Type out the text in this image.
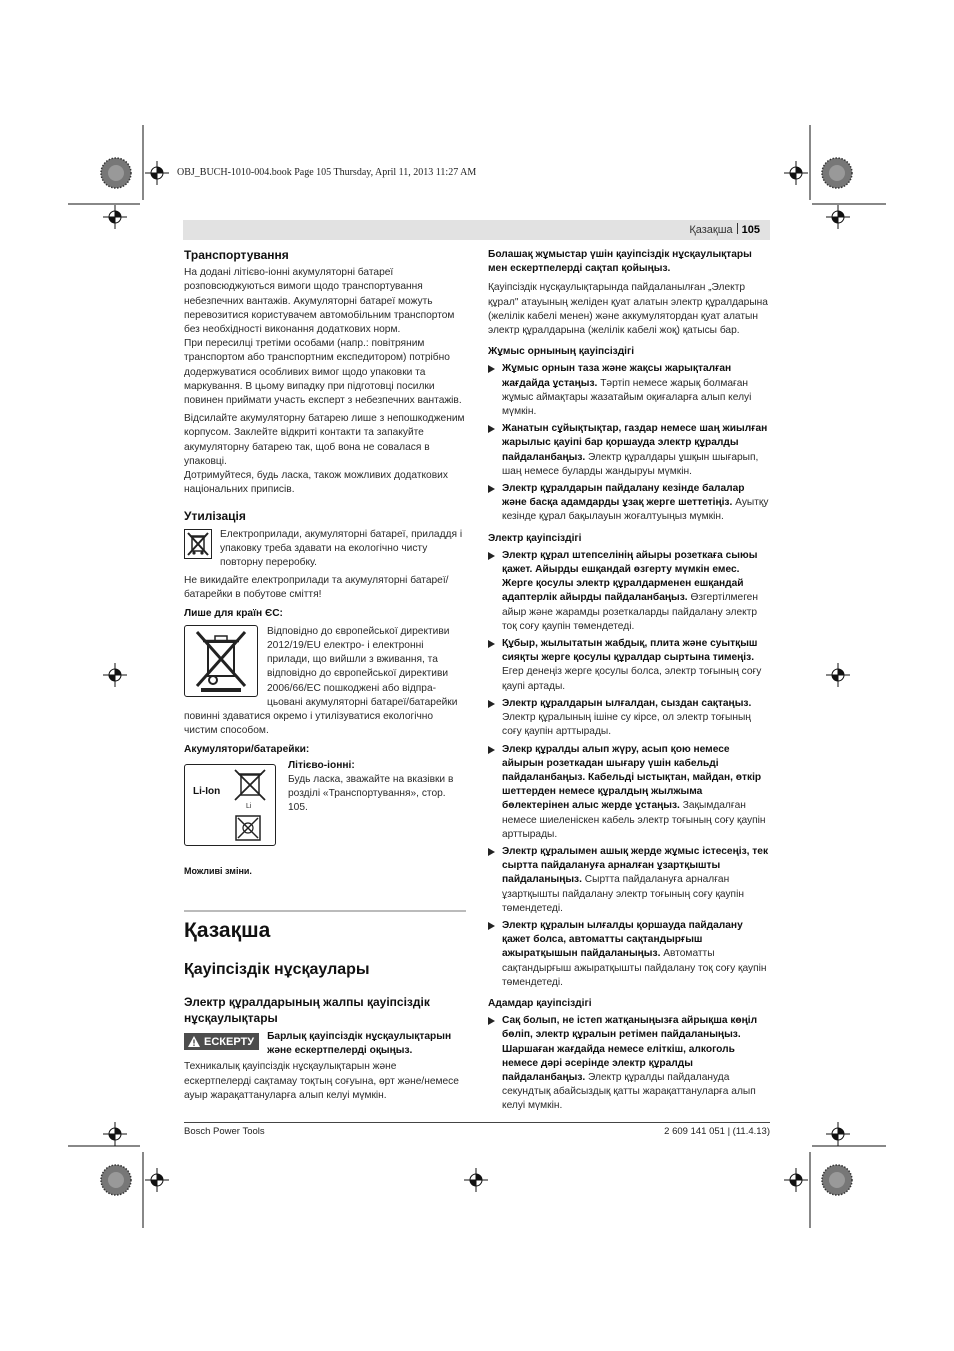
OBJ_BUCH-1010-004.book Page 105 Thursday, April 11, 2013 11:27 AM
Қазақша 105

Транспортування

На додані літієво-іонні акумуляторні батареї розповсюджуються вимоги щодо транспортування небезпечних вантажів. Акумуляторні батареї можуть перевозитися користувачем автомобільним транспортом без необхідності виконання додаткових норм.

При пересилці третіми особами (напр.: повітряним транспортом або транспортним експедитором) потрібно додержуватися особливих вимог щодо упаковки та маркування. В цьому випадку при підготовці посилки повинен приймати участь експерт з небезпечних вантажів.

Відсилайте акумуляторну батарею лише з непошкодженим корпусом. Заклейте відкриті контакти та запакуйте акумуляторну батарею так, щоб вона не совалася в упаковці.

Дотримуйтеся, будь ласка, також можливих додаткових національних приписів.

Утилізація

Електроприлади, акумуляторні батареї, приладдя і упаковку треба здавати на екологічно чисту повторну переробку.

Не викидайте електроприлади та акумуляторні батареї/ батарейки в побутове сміття!

Лише для країн ЄС:

Відповідно до європейської директиви 2012/19/EU електро- і електронні прилади, що вийшли з вживання, та відповідно до європейської директиви 2006/66/EC пошкоджені або відпра-цьовані акумуляторні батареї/батарейки

повинні здаватися окремо і утилізуватися екологічно чистим способом.

Акумулятори/батарейки:

Li-Ion
Li

Літієво-іонні:

Будь ласка, зважайте на вказівки в розділі «Транспортування», стор. 105.

Можливі зміни.

Қазақша

Қауіпсіздік нұсқаулары

Электр құралдарының жалпы қауіпсіздік нұсқаулықтары

ЕСКЕРТУ Барлық қауіпсіздік нұсқаулықтарын және ескертпелерді оқыңыз.

Техникалық қауіпсіздік нұсқаулықтарын және ескертпелерді сақтамау тоқтың соғуына, өрт және/немесе ауыр жарақаттануларға алып келуі мүмкін.

Болашақ жұмыстар үшін қауіпсіздік нұсқаулықтары мен ескертпелерді сақтап қойыңыз.

Қауіпсіздік нұсқаулықтарында пайдаланылған „Электр құрал" атауының желіден қуат алатын электр құралдарына (желілік кабелі менен) және аккумулятордан қуат алатын электр құралдарына (желілік кабелі жоқ) қатысы бар.

Жұмыс орнының қауіпсіздігі

Жұмыс орнын таза және жақсы жарықталған жағдайда ұстаңыз. Тәртіп немесе жарық болмаған жұмыс аймақтары жазатайым оқиғаларға алып келуі мүмкін.
Жанатын сұйықтықтар, газдар немесе шаң жиылған жарылыс қауіпі бар қоршауда электр құралды пайдаланбаңыз. Электр құралдары ұшқын шығарып, шаң немесе буларды жандыруы мүмкін.
Электр құралдарын пайдалану кезінде балалар және басқа адамдарды ұзақ жерге шеттетіңіз. Ауытқу кезінде құрал бақылауын жоғалтуыңыз мүмкін.

Электр қауіпсіздігі

Электр құрал штепселінің айыры розеткаға сыюы қажет. Айырды ешқандай өзгерту мүмкін емес. Жерге қосулы электр құралдарменен ешқандай адаптерлік айырды пайдаланбаңыз. Өзгертілмеген айыр және жарамды розеткаларды пайдалану электр тоқ соғу қаупін төмендетеді.
Құбыр, жылытатын жабдық, плита және суытқыш сияқты жерге қосулы құралдар сыртына тимеңіз. Егер денеңіз жерге қосулы болса, электр тоғының соғу қаупі артады.
Электр құралдарын ылғалдан, сыздан сақтаңыз. Электр құралының ішіне су кірсе, ол электр тоғының соғу қаупін арттырады.
Элекр құралды алып жүру, асып қою немесе айырын розеткадан шығару үшін кабельді пайдаланбаңыз. Кабельді ыстықтан, майдан, өткір шеттерден немесе құралдың жылжыма бөлектерінен алыс жерде ұстаңыз. Зақымдалған немесе шиеленіскен кабель электр тоғының соғу қаупін арттырады.
Электр құралымен ашық жерде жұмыс істесеңіз, тек сыртта пайдалануға арналған ұзартқышты пайдаланыңыз. Сыртта пайдалануға арналған ұзартқышты пайдалану электр тоғының соғу қаупін төмендетеді.
Электр құралын ылғалды қоршауда пайдалану қажет болса, автоматты сақтандырғыш ажыратқышын пайдаланыңыз. Автоматты сақтандырғыш ажыратқышты пайдалану тоқ соғу қаупін төмендетеді.

Адамдар қауіпсіздігі

Сақ болып, не істеп жатқаныңызға айрықша көңіл бөліп, электр құралын ретімен пайдаланыңыз. Шаршаған жағдайда немесе еліткіш, алкоголь немесе дәрі әсерінде электр құралды пайдаланбаңыз. Электр құралды пайдалануда секундтық абайсыздық қатты жарақаттануларға алып келуі мүмкін.
Bosch Power Tools	2 609 141 051 | (11.4.13)
